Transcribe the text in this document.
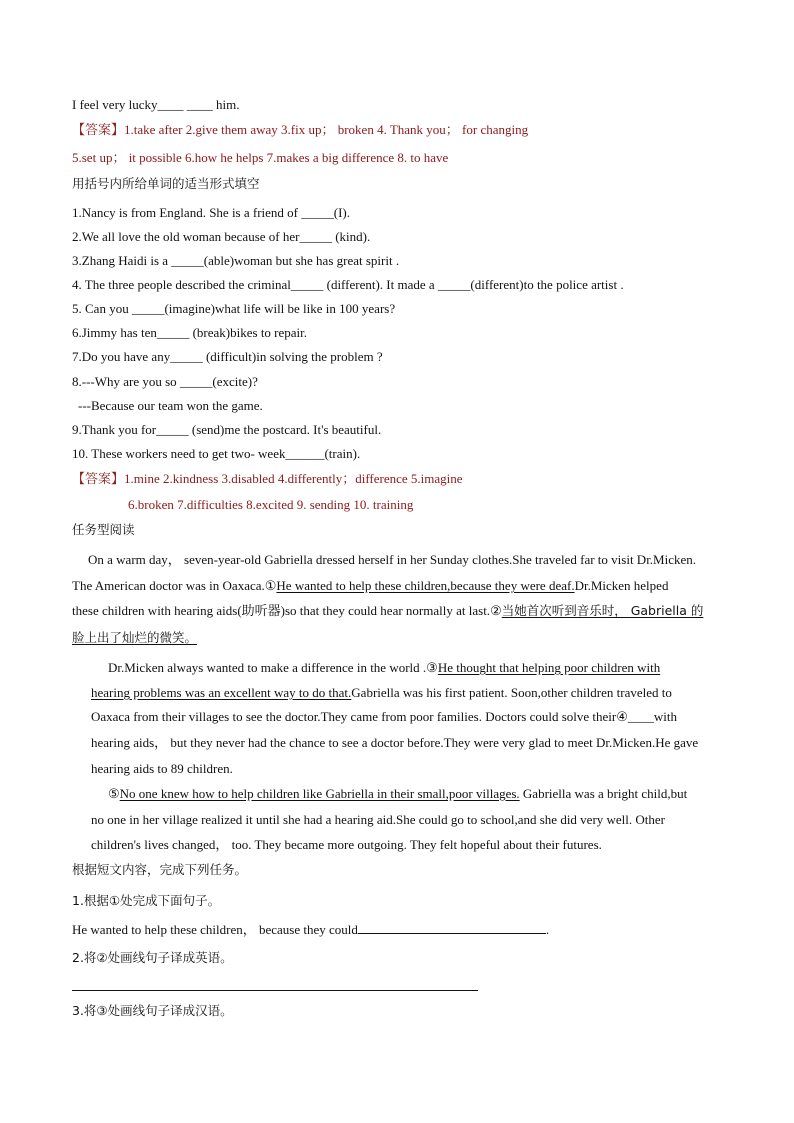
I feel very lucky____ ____ him.
【答案】1.take after 2.give them away 3.fix up； broken 4. Thank you； for changing
5.set up； it possible 6.how he helps 7.makes a big difference 8. to have
用括号内所给单词的适当形式填空
1.Nancy is from England. She is a friend of _____(I).
2.We all love the old woman because of her_____ (kind).
3.Zhang Haidi is a _____(able)woman but she has great spirit .
4. The three people described the criminal_____ (different). It made a _____(different)to the police artist .
5. Can you _____(imagine)what life will be like in 100 years?
6.Jimmy has ten_____ (break)bikes to repair.
7.Do you have any_____ (difficult)in solving the problem ?
8.---Why are you so _____(excite)?
---Because our team won the game.
9.Thank you for_____ (send)me the postcard. It's beautiful.
10. These workers need to get two- week______(train).
【答案】1.mine 2.kindness 3.disabled 4.differently；difference 5.imagine
6.broken 7.difficulties 8.excited 9. sending 10. training
任务型阅读
On a warm day， seven-year-old Gabriella dressed herself in her Sunday clothes.She traveled far to visit Dr.Micken.
The American doctor was in Oaxaca.①He wanted to help these children,because they were deaf.Dr.Micken helped
these children with hearing aids(助听器)so that they could hear normally at last.②当她首次听到音乐时， Gabriella 的
脸上出了灿烂的微笑。
Dr.Micken always wanted to make a difference in the world .③He thought that helping poor children with
hearing problems was an excellent way to do that.Gabriella was his first patient. Soon,other children traveled to
Oaxaca from their villages to see the doctor.They came from poor families. Doctors could solve their④____with
hearing aids， but they never had the chance to see a doctor before.They were very glad to meet Dr.Micken.He gave
hearing aids to 89 children.
⑤No one knew how to help children like Gabriella in their small,poor villages. Gabriella was a bright child,but
no one in her village realized it until she had a hearing aid.She could go to school,and she did very well. Other
children's lives changed， too. They became more outgoing. They felt hopeful about their futures.
根据短文内容，完成下列任务。
1.根据①处完成下面句子。
He wanted to help these children， because they could	.
2.将②处画线句子译成英语。
3.将③处画线句子译成汉语。
